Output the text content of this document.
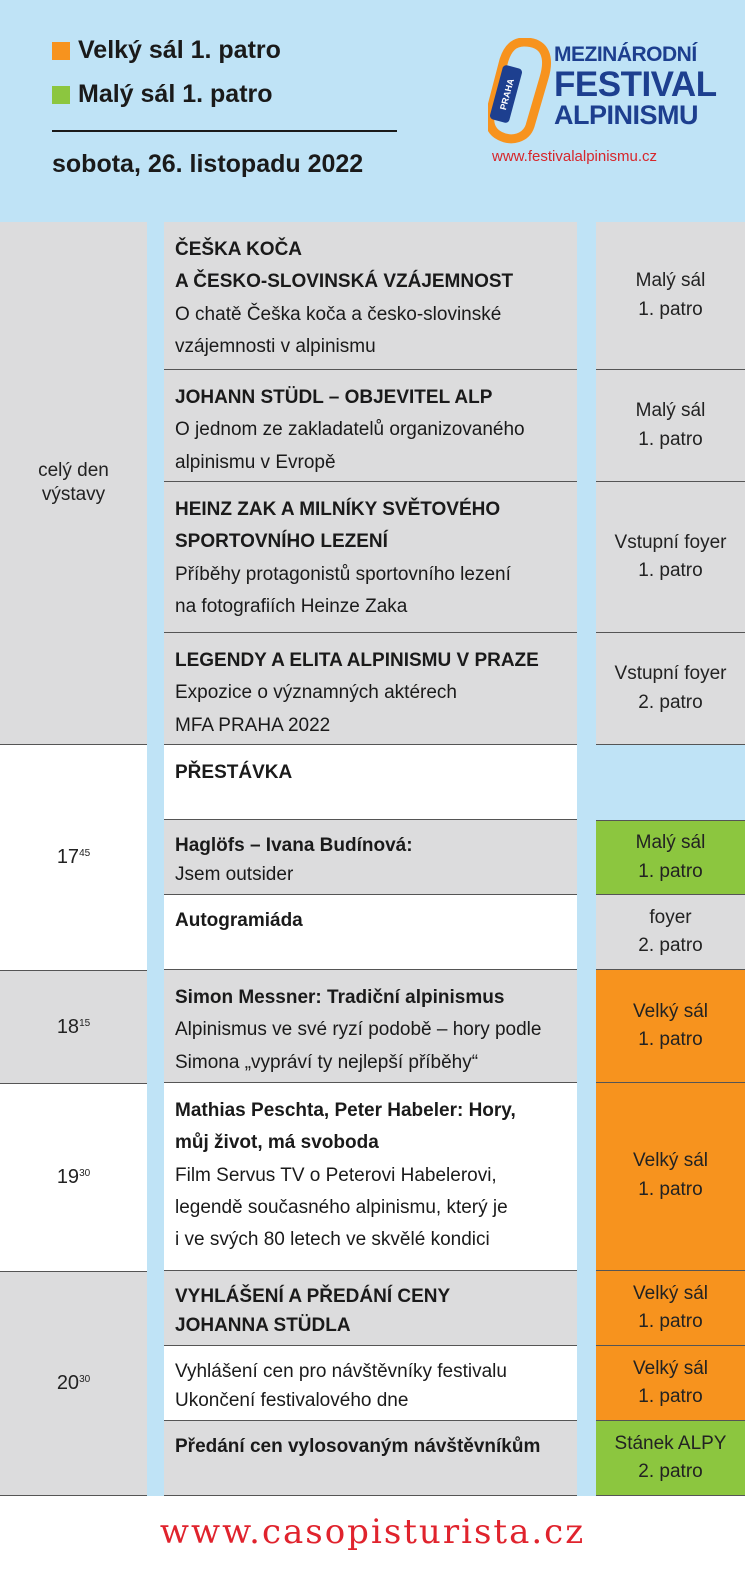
Velký sál 1. patro
Malý sál 1. patro
sobota, 26. listopadu 2022
PRAHA
MEZINÁRODNÍ
FESTIVAL
ALPINISMU
www.festivalalpinismu.cz
celý den výstavy
$17^{45}$
$18^{15}$
$19^{30}$
$20^{30}$
ČEŠKA KOČA
A ČESKO-SLOVINSKÁ VZÁJEMNOST
O chatě Češka koča a česko-slovinské
vzájemnosti v alpinismu
Malý sál
1. patro
JOHANN STÜDL – OBJEVITEL ALP
O jednom ze zakladatelů organizovaného
alpinismu v Evropě
Malý sál
1. patro
HEINZ ZAK A MILNÍKY SVĚTOVÉHO
SPORTOVNÍHO LEZENÍ
Příběhy protagonistů sportovního lezení
na fotografiích Heinze Zaka
Vstupní foyer
1. patro
LEGENDY A ELITA ALPINISMU V PRAZE
Expozice o významných aktérech
MFA PRAHA 2022
Vstupní foyer
2. patro
PŘESTÁVKA
Haglöfs – Ivana Budínová:
Jsem outsider
Malý sál
1. patro
Autogramiáda	foyer
2. patro
Simon Messner: Tradiční alpinismus
Alpinismus ve své ryzí podobě – hory podle
Simona „vypráví ty nejlepší příběhy“
Velký sál
1. patro
Mathias Peschta, Peter Habeler: Hory,
můj život, má svoboda
Film Servus TV o Peterovi Habelerovi,
legendě současného alpinismu, který je
i ve svých 80 letech ve skvělé kondici
Velký sál
1. patro
VYHLÁŠENÍ A PŘEDÁNÍ CENY
JOHANNA STÜDLA
Velký sál
1. patro
Vyhlášení cen pro návštěvníky festivalu
Ukončení festivalového dne
Velký sál
1. patro
Předání cen vylosovaným návštěvníkům	Stánek ALPY
2. patro
www.casopisturista.cz
